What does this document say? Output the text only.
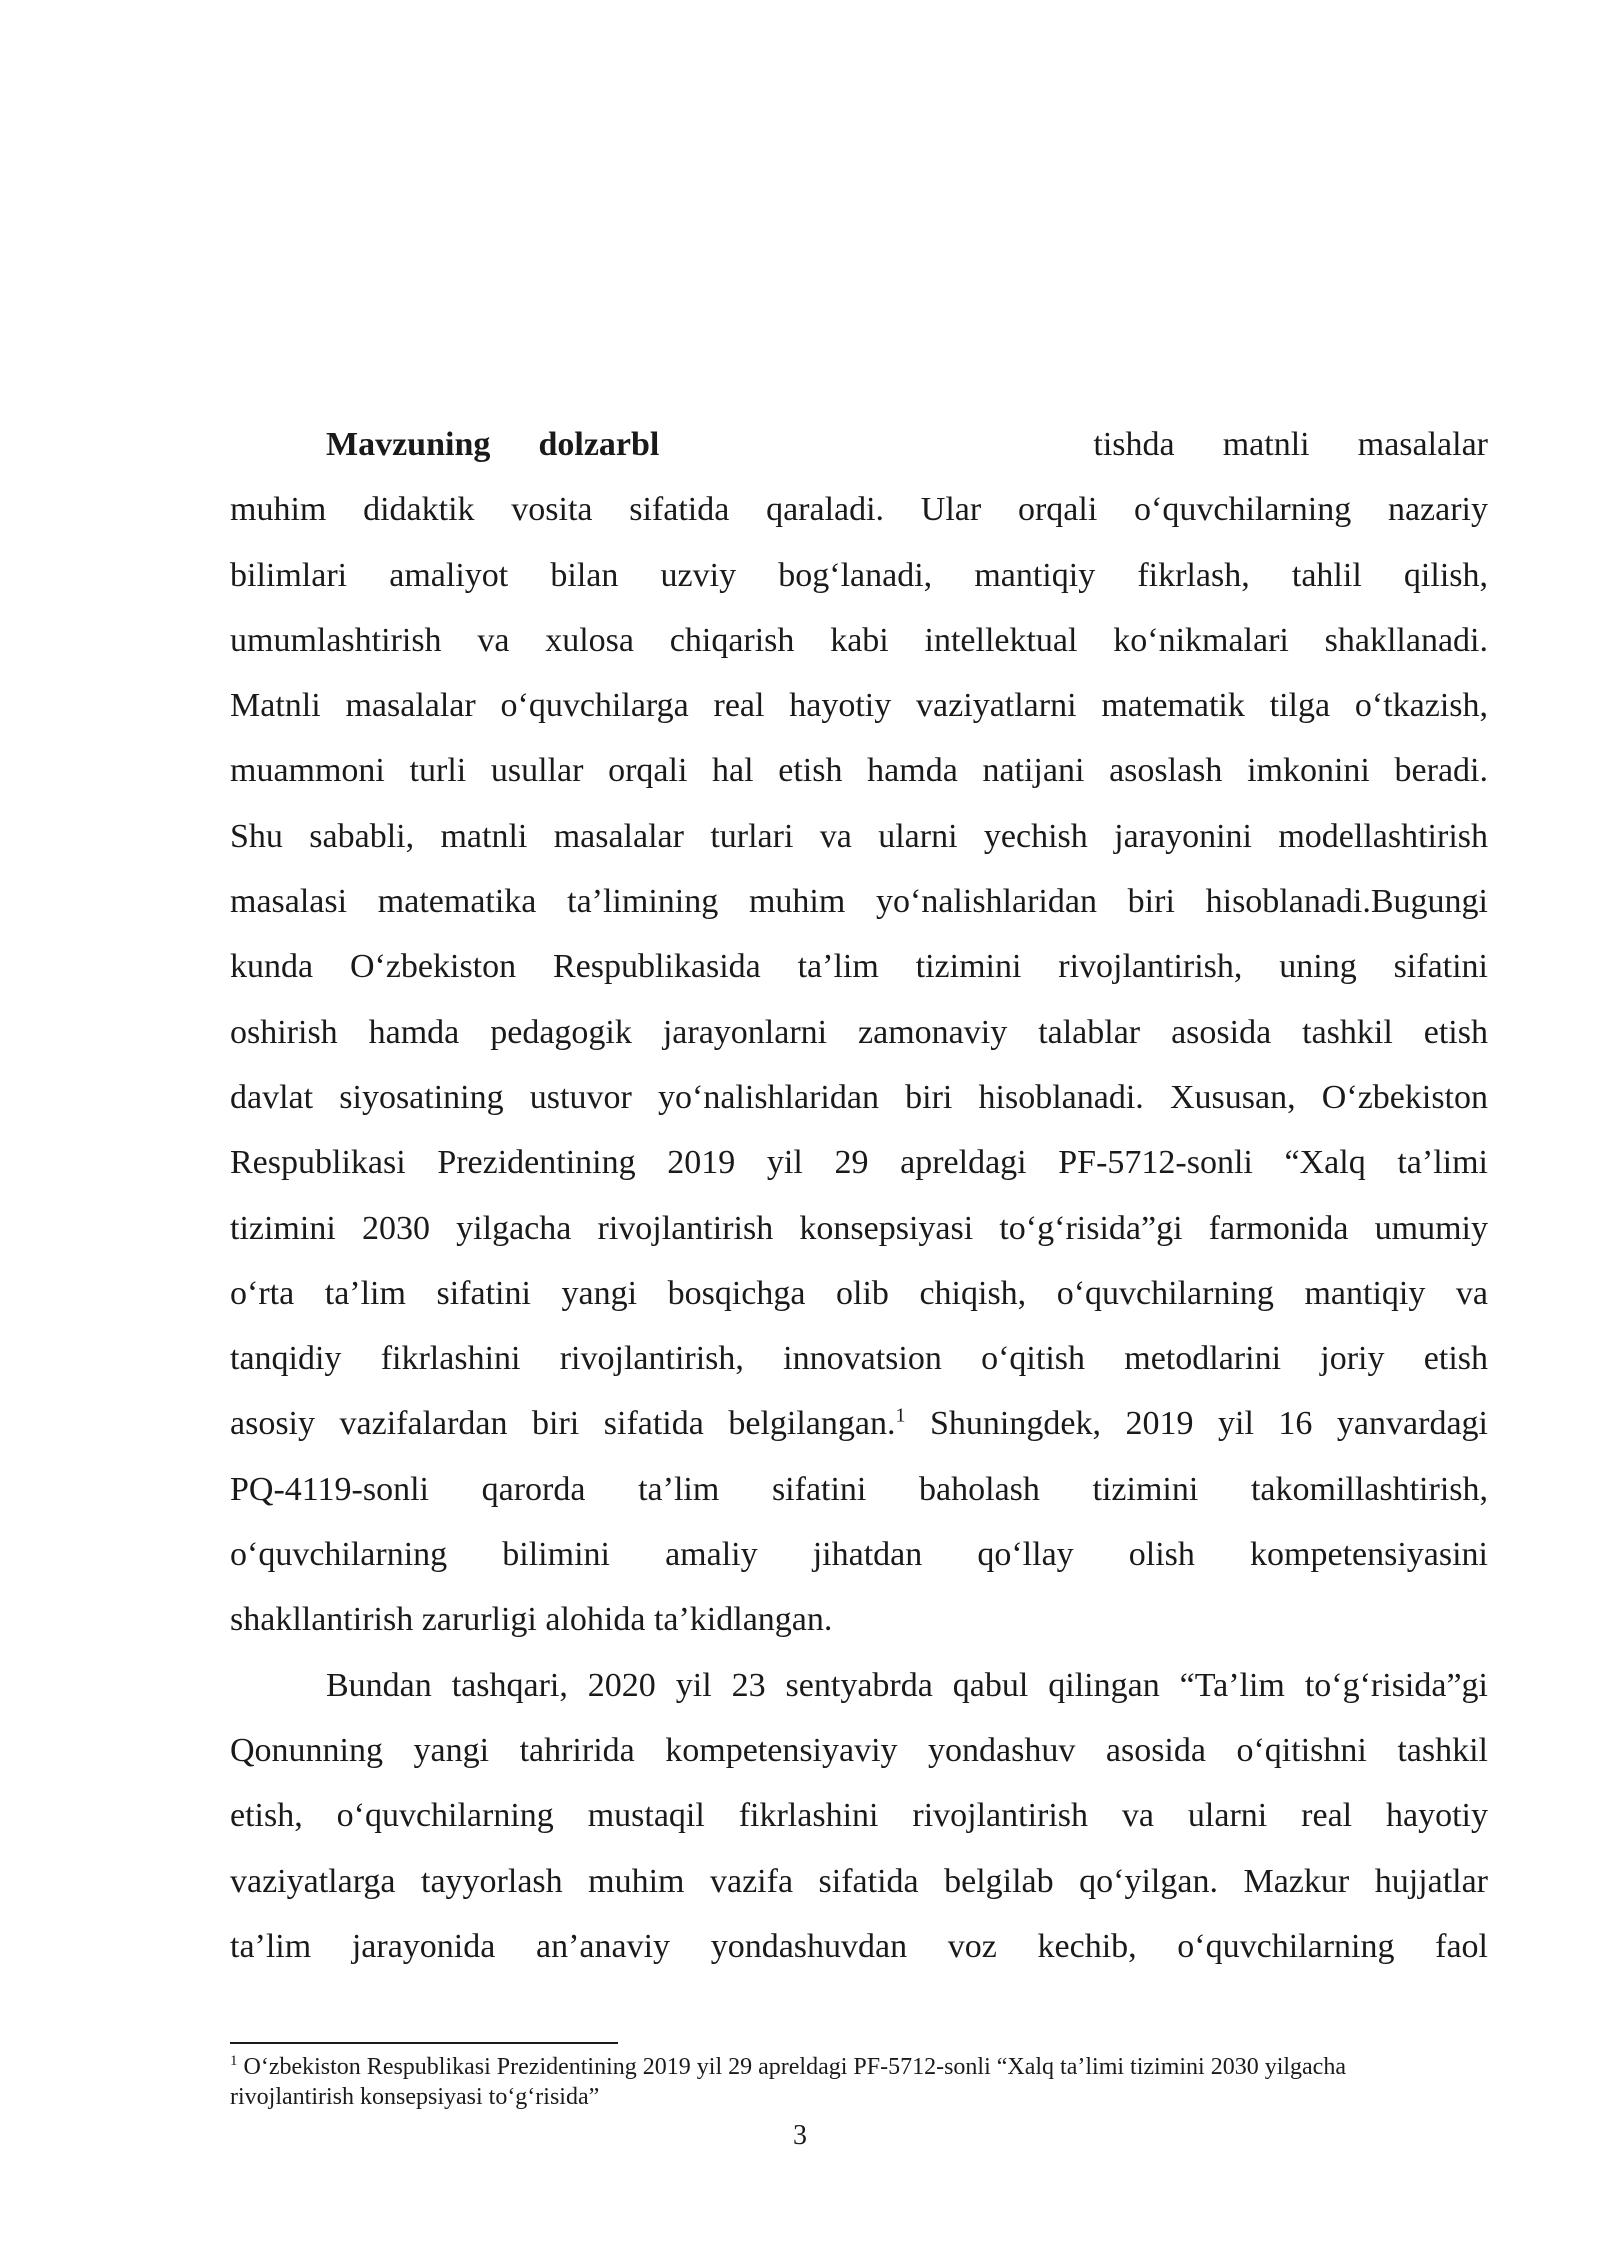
Mavzuning dolzarbl	tishda matnli masalalar
muhim didaktik vosita sifatida qaraladi. Ular orqali o‘quvchilarning nazariy
bilimlari amaliyot bilan uzviy bog‘lanadi, mantiqiy fikrlash, tahlil qilish,
umumlashtirish va xulosa chiqarish kabi intellektual ko‘nikmalari shakllanadi.
Matnli masalalar o‘quvchilarga real hayotiy vaziyatlarni matematik tilga o‘tkazish,
muammoni turli usullar orqali hal etish hamda natijani asoslash imkonini beradi.
Shu sababli, matnli masalalar turlari va ularni yechish jarayonini modellashtirish
masalasi matematika ta’limining muhim yo‘nalishlaridan biri hisoblanadi.Bugungi
kunda O‘zbekiston Respublikasida ta’lim tizimini rivojlantirish, uning sifatini
oshirish hamda pedagogik jarayonlarni zamonaviy talablar asosida tashkil etish
davlat siyosatining ustuvor yo‘nalishlaridan biri hisoblanadi. Xususan, O‘zbekiston
Respublikasi Prezidentining 2019 yil 29 apreldagi PF-5712-sonli “Xalq ta’limi
tizimini 2030 yilgacha rivojlantirish konsepsiyasi to‘g‘risida”gi farmonida umumiy
o‘rta ta’lim sifatini yangi bosqichga olib chiqish, o‘quvchilarning mantiqiy va
tanqidiy fikrlashini rivojlantirish, innovatsion o‘qitish metodlarini joriy etish
asosiy vazifalardan biri sifatida belgilangan.$^1$ Shuningdek, 2019 yil 16 yanvardagi
PQ-4119-sonli qarorda ta’lim sifatini baholash tizimini takomillashtirish,
o‘quvchilarning bilimini amaliy jihatdan qo‘llay olish kompetensiyasini
shakllantirish zarurligi alohida ta’kidlangan.
Bundan tashqari, 2020 yil 23 sentyabrda qabul qilingan “Ta’lim to‘g‘risida”gi
Qonunning yangi tahririda kompetensiyaviy yondashuv asosida o‘qitishni tashkil
etish, o‘quvchilarning mustaqil fikrlashini rivojlantirish va ularni real hayotiy
vaziyatlarga tayyorlash muhim vazifa sifatida belgilab qo‘yilgan. Mazkur hujjatlar
ta’lim jarayonida an’anaviy yondashuvdan voz kechib, o‘quvchilarning faol
$^1$ O‘zbekiston Respublikasi Prezidentining 2019 yil 29 apreldagi PF-5712-sonli “Xalq ta’limi tizimini 2030 yilgacha
rivojlantirish konsepsiyasi to‘g‘risida”
3
